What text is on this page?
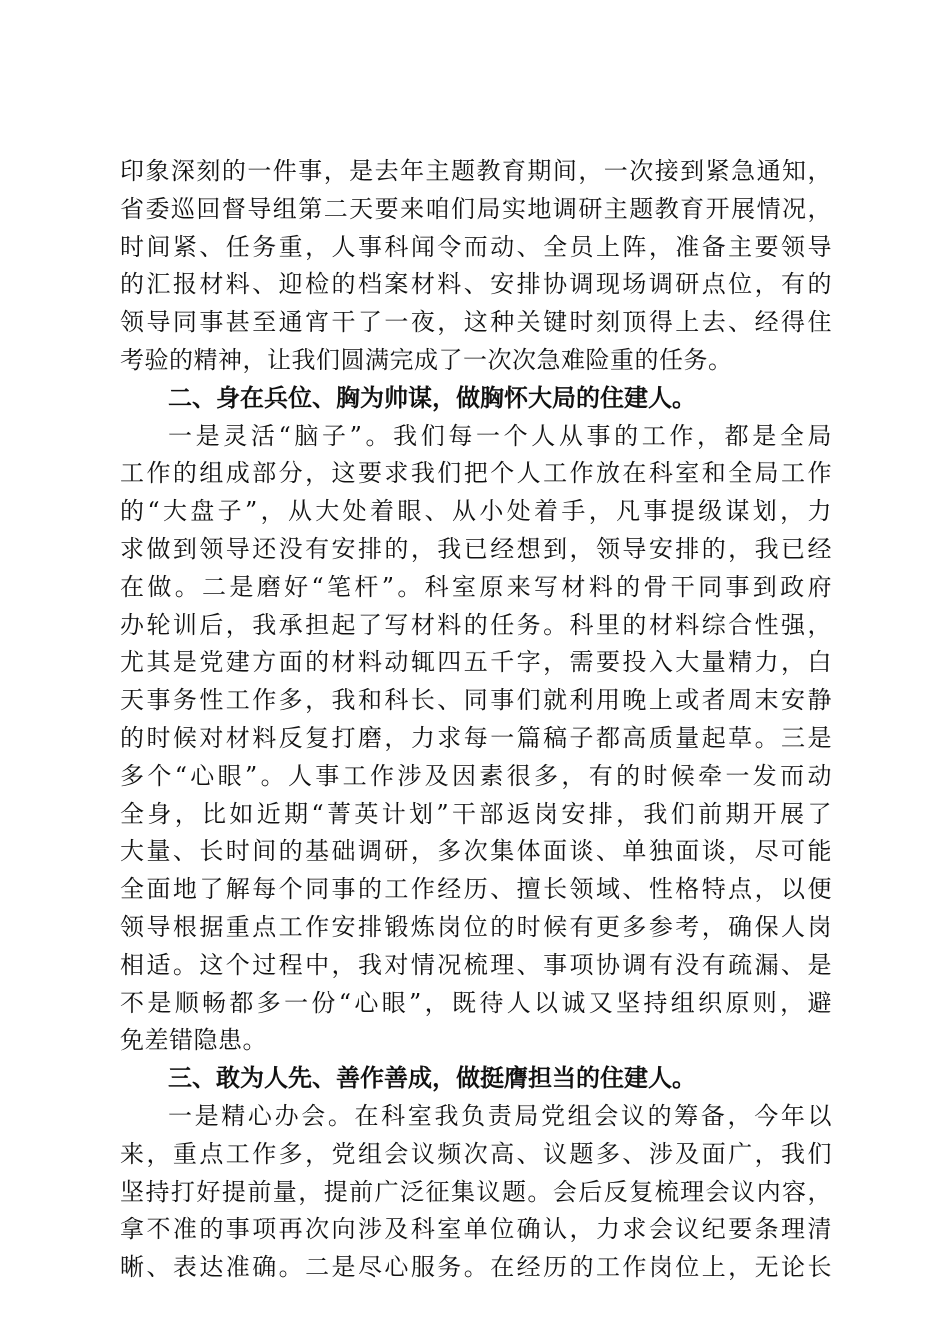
印象深刻的一件事，是去年主题教育期间，一次接到紧急通知，
省委巡回督导组第二天要来咱们局实地调研主题教育开展情况，
时间紧、任务重，人事科闻令而动、全员上阵，准备主要领导
的汇报材料、迎检的档案材料、安排协调现场调研点位，有的
领导同事甚至通宵干了一夜，这种关键时刻顶得上去、经得住
考验的精神，让我们圆满完成了一次次急难险重的任务。
二、身在兵位、胸为帅谋，做胸怀大局的住建人。
一是灵活“脑子”。我们每一个人从事的工作，都是全局
工作的组成部分，这要求我们把个人工作放在科室和全局工作
的“大盘子”，从大处着眼、从小处着手，凡事提级谋划，力
求做到领导还没有安排的，我已经想到，领导安排的，我已经
在做。二是磨好“笔杆”。科室原来写材料的骨干同事到政府
办轮训后，我承担起了写材料的任务。科里的材料综合性强，
尤其是党建方面的材料动辄四五千字，需要投入大量精力，白
天事务性工作多，我和科长、同事们就利用晚上或者周末安静
的时候对材料反复打磨，力求每一篇稿子都高质量起草。三是
多个“心眼”。人事工作涉及因素很多，有的时候牵一发而动
全身，比如近期“菁英计划”干部返岗安排，我们前期开展了
大量、长时间的基础调研，多次集体面谈、单独面谈，尽可能
全面地了解每个同事的工作经历、擅长领域、性格特点，以便
领导根据重点工作安排锻炼岗位的时候有更多参考，确保人岗
相适。这个过程中，我对情况梳理、事项协调有没有疏漏、是
不是顺畅都多一份“心眼”，既待人以诚又坚持组织原则，避
免差错隐患。
三、敢为人先、善作善成，做挺膺担当的住建人。
一是精心办会。在科室我负责局党组会议的筹备，今年以
来，重点工作多，党组会议频次高、议题多、涉及面广，我们
坚持打好提前量，提前广泛征集议题。会后反复梳理会议内容，
拿不准的事项再次向涉及科室单位确认，力求会议纪要条理清
晰、表达准确。二是尽心服务。在经历的工作岗位上，无论长
